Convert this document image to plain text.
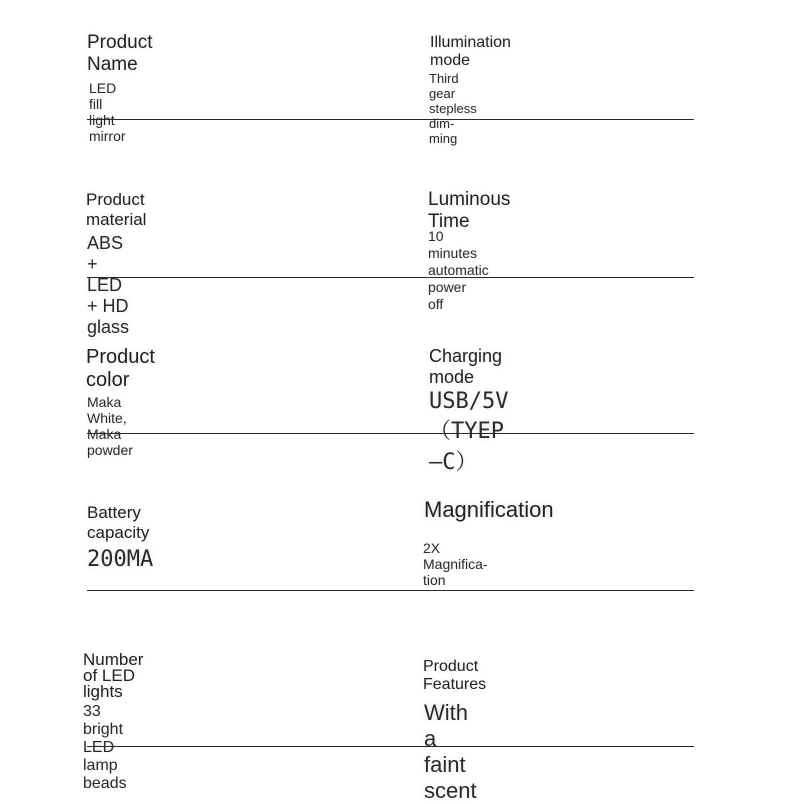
Product Name
LED fill light mirror
Illumination mode
Third gear stepless dim-
ming
Product material
ABS + LED + HD glass
Luminous Time
10 minutes automatic power
off
Product color
Maka White, Maka powder
Charging mode
USB/5V（TYEP—C）
Battery capacity
200MA
Magnification
2X Magnifica-
tion
Number of LED
lights
33 bright LED lamp beads
Product Features
With a faint scent
